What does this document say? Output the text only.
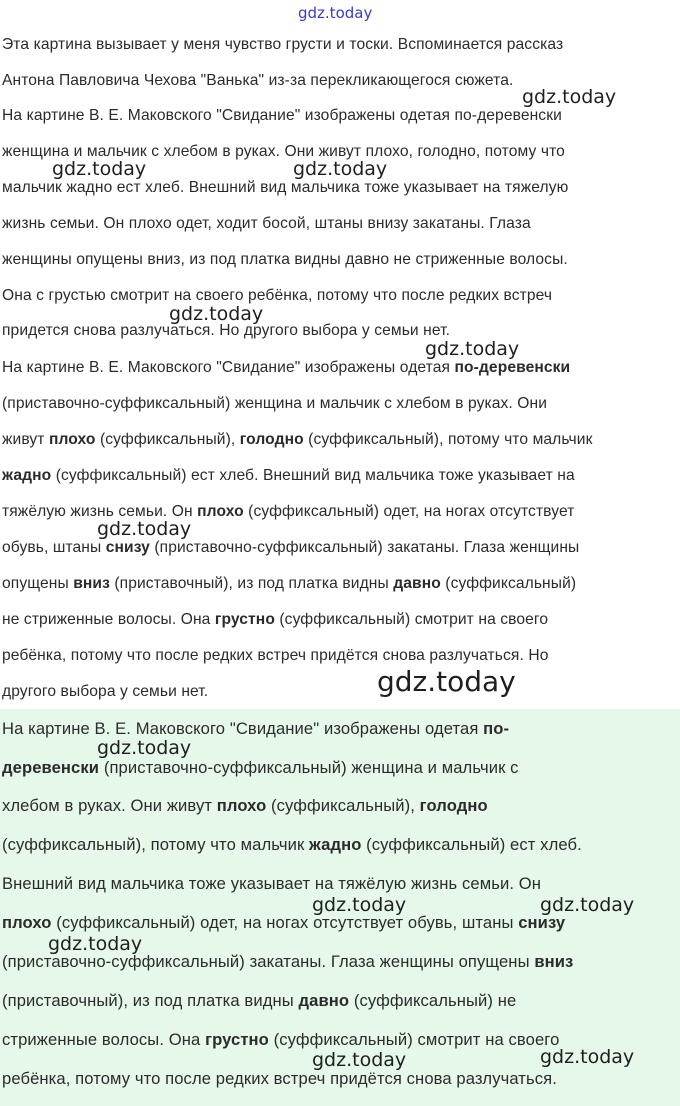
Эта картина вызывает у меня чувство грусти и тоски. Вспоминается рассказ
Антона Павловича Чехова "Ванька" из-за перекликающегося сюжета.
На картине В. Е. Маковского "Свидание" изображены одетая по-деревенски
женщина и мальчик с хлебом в руках. Они живут плохо, голодно, потому что
мальчик жадно ест хлеб. Внешний вид мальчика тоже указывает на тяжелую
жизнь семьи. Он плохо одет, ходит босой, штаны внизу закатаны. Глаза
женщины опущены вниз, из под платка видны давно не стриженные волосы.
Она с грустью смотрит на своего ребёнка, потому что после редких встреч
придется снова разлучаться. Но другого выбора у семьи нет.
На картине В. Е. Маковского "Свидание" изображены одетая по-деревенски
(приставочно-суффиксальный) женщина и мальчик с хлебом в руках. Они
живут плохо (суффиксальный), голодно (суффиксальный), потому что мальчик
жадно (суффиксальный) ест хлеб. Внешний вид мальчика тоже указывает на
тяжёлую жизнь семьи. Он плохо (суффиксальный) одет, на ногах отсутствует
обувь, штаны снизу (приставочно-суффиксальный) закатаны. Глаза женщины
опущены вниз (приставочный), из под платка видны давно (суффиксальный)
не стриженные волосы. Она грустно (суффиксальный) смотрит на своего
ребёнка, потому что после редких встреч придётся снова разлучаться. Но
другого выбора у семьи нет.
На картине В. Е. Маковского "Свидание" изображены одетая по-
деревенски (приставочно-суффиксальный) женщина и мальчик с
хлебом в руках. Они живут плохо (суффиксальный), голодно
(суффиксальный), потому что мальчик жадно (суффиксальный) ест хлеб.
Внешний вид мальчика тоже указывает на тяжёлую жизнь семьи. Он
плохо (суффиксальный) одет, на ногах отсутствует обувь, штаны снизу
(приставочно-суффиксальный) закатаны. Глаза женщины опущены вниз
(приставочный), из под платка видны давно (суффиксальный) не
стриженные волосы. Она грустно (суффиксальный) смотрит на своего
ребёнка, потому что после редких встреч придётся снова разлучаться.
gdz.today
gdz.today
gdz.today	gdz.today
gdz.today
gdz.today
gdz.today
gdz.today
gdz.today
gdz.today	gdz.today
gdz.today
gdz.today	gdz.today
